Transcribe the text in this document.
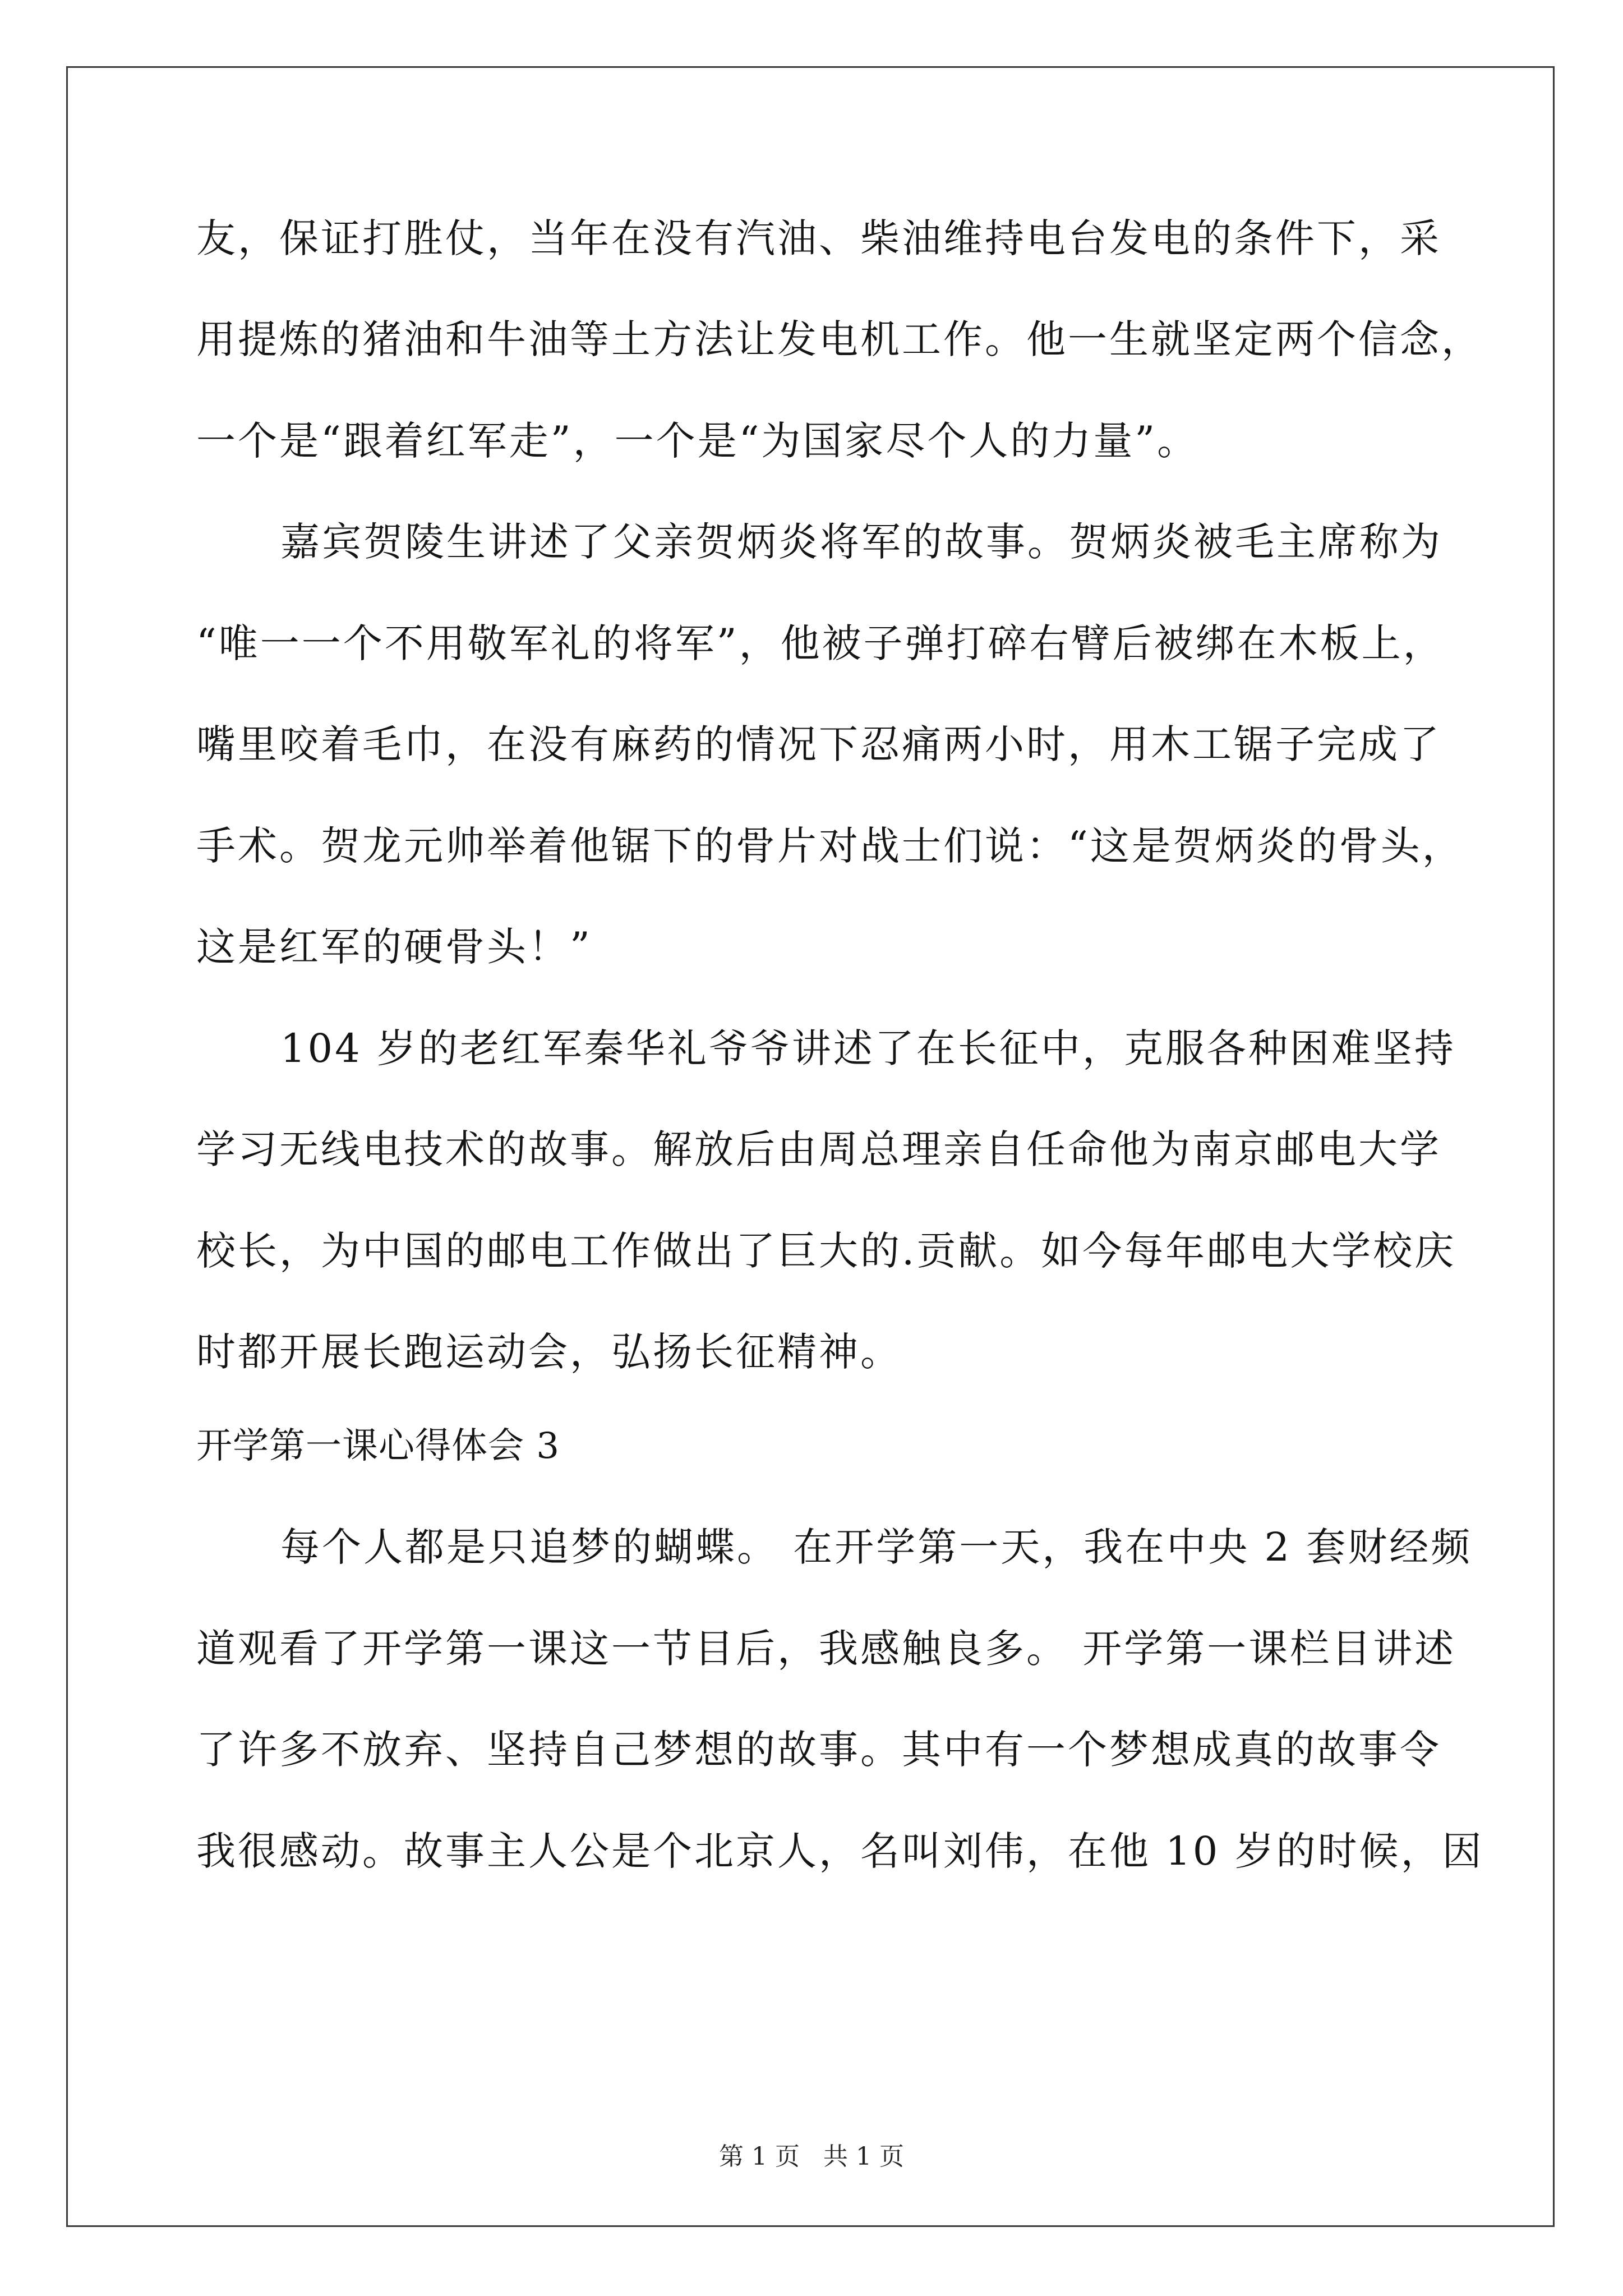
友，保证打胜仗，当年在没有汽油、柴油维持电台发电的条件下，采
用提炼的猪油和牛油等土方法让发电机工作。他一生就坚定两个信念，
一个是“跟着红军走”，一个是“为国家尽个人的力量”。
嘉宾贺陵生讲述了父亲贺炳炎将军的故事。贺炳炎被毛主席称为
“唯一一个不用敬军礼的将军”，他被子弹打碎右臂后被绑在木板上，
嘴里咬着毛巾，在没有麻药的情况下忍痛两小时，用木工锯子完成了
手术。贺龙元帅举着他锯下的骨片对战士们说：“这是贺炳炎的骨头，
这是红军的硬骨头！”
104 岁的老红军秦华礼爷爷讲述了在长征中，克服各种困难坚持
学习无线电技术的故事。解放后由周总理亲自任命他为南京邮电大学
校长，为中国的邮电工作做出了巨大的.贡献。如今每年邮电大学校庆
时都开展长跑运动会，弘扬长征精神。
开学第一课心得体会 3
每个人都是只追梦的蝴蝶。 在开学第一天，我在中央 2 套财经频
道观看了开学第一课这一节目后，我感触良多。 开学第一课栏目讲述
了许多不放弃、坚持自己梦想的故事。其中有一个梦想成真的故事令
我很感动。故事主人公是个北京人，名叫刘伟，在他 10 岁的时候，因
第 1 页   共 1 页
